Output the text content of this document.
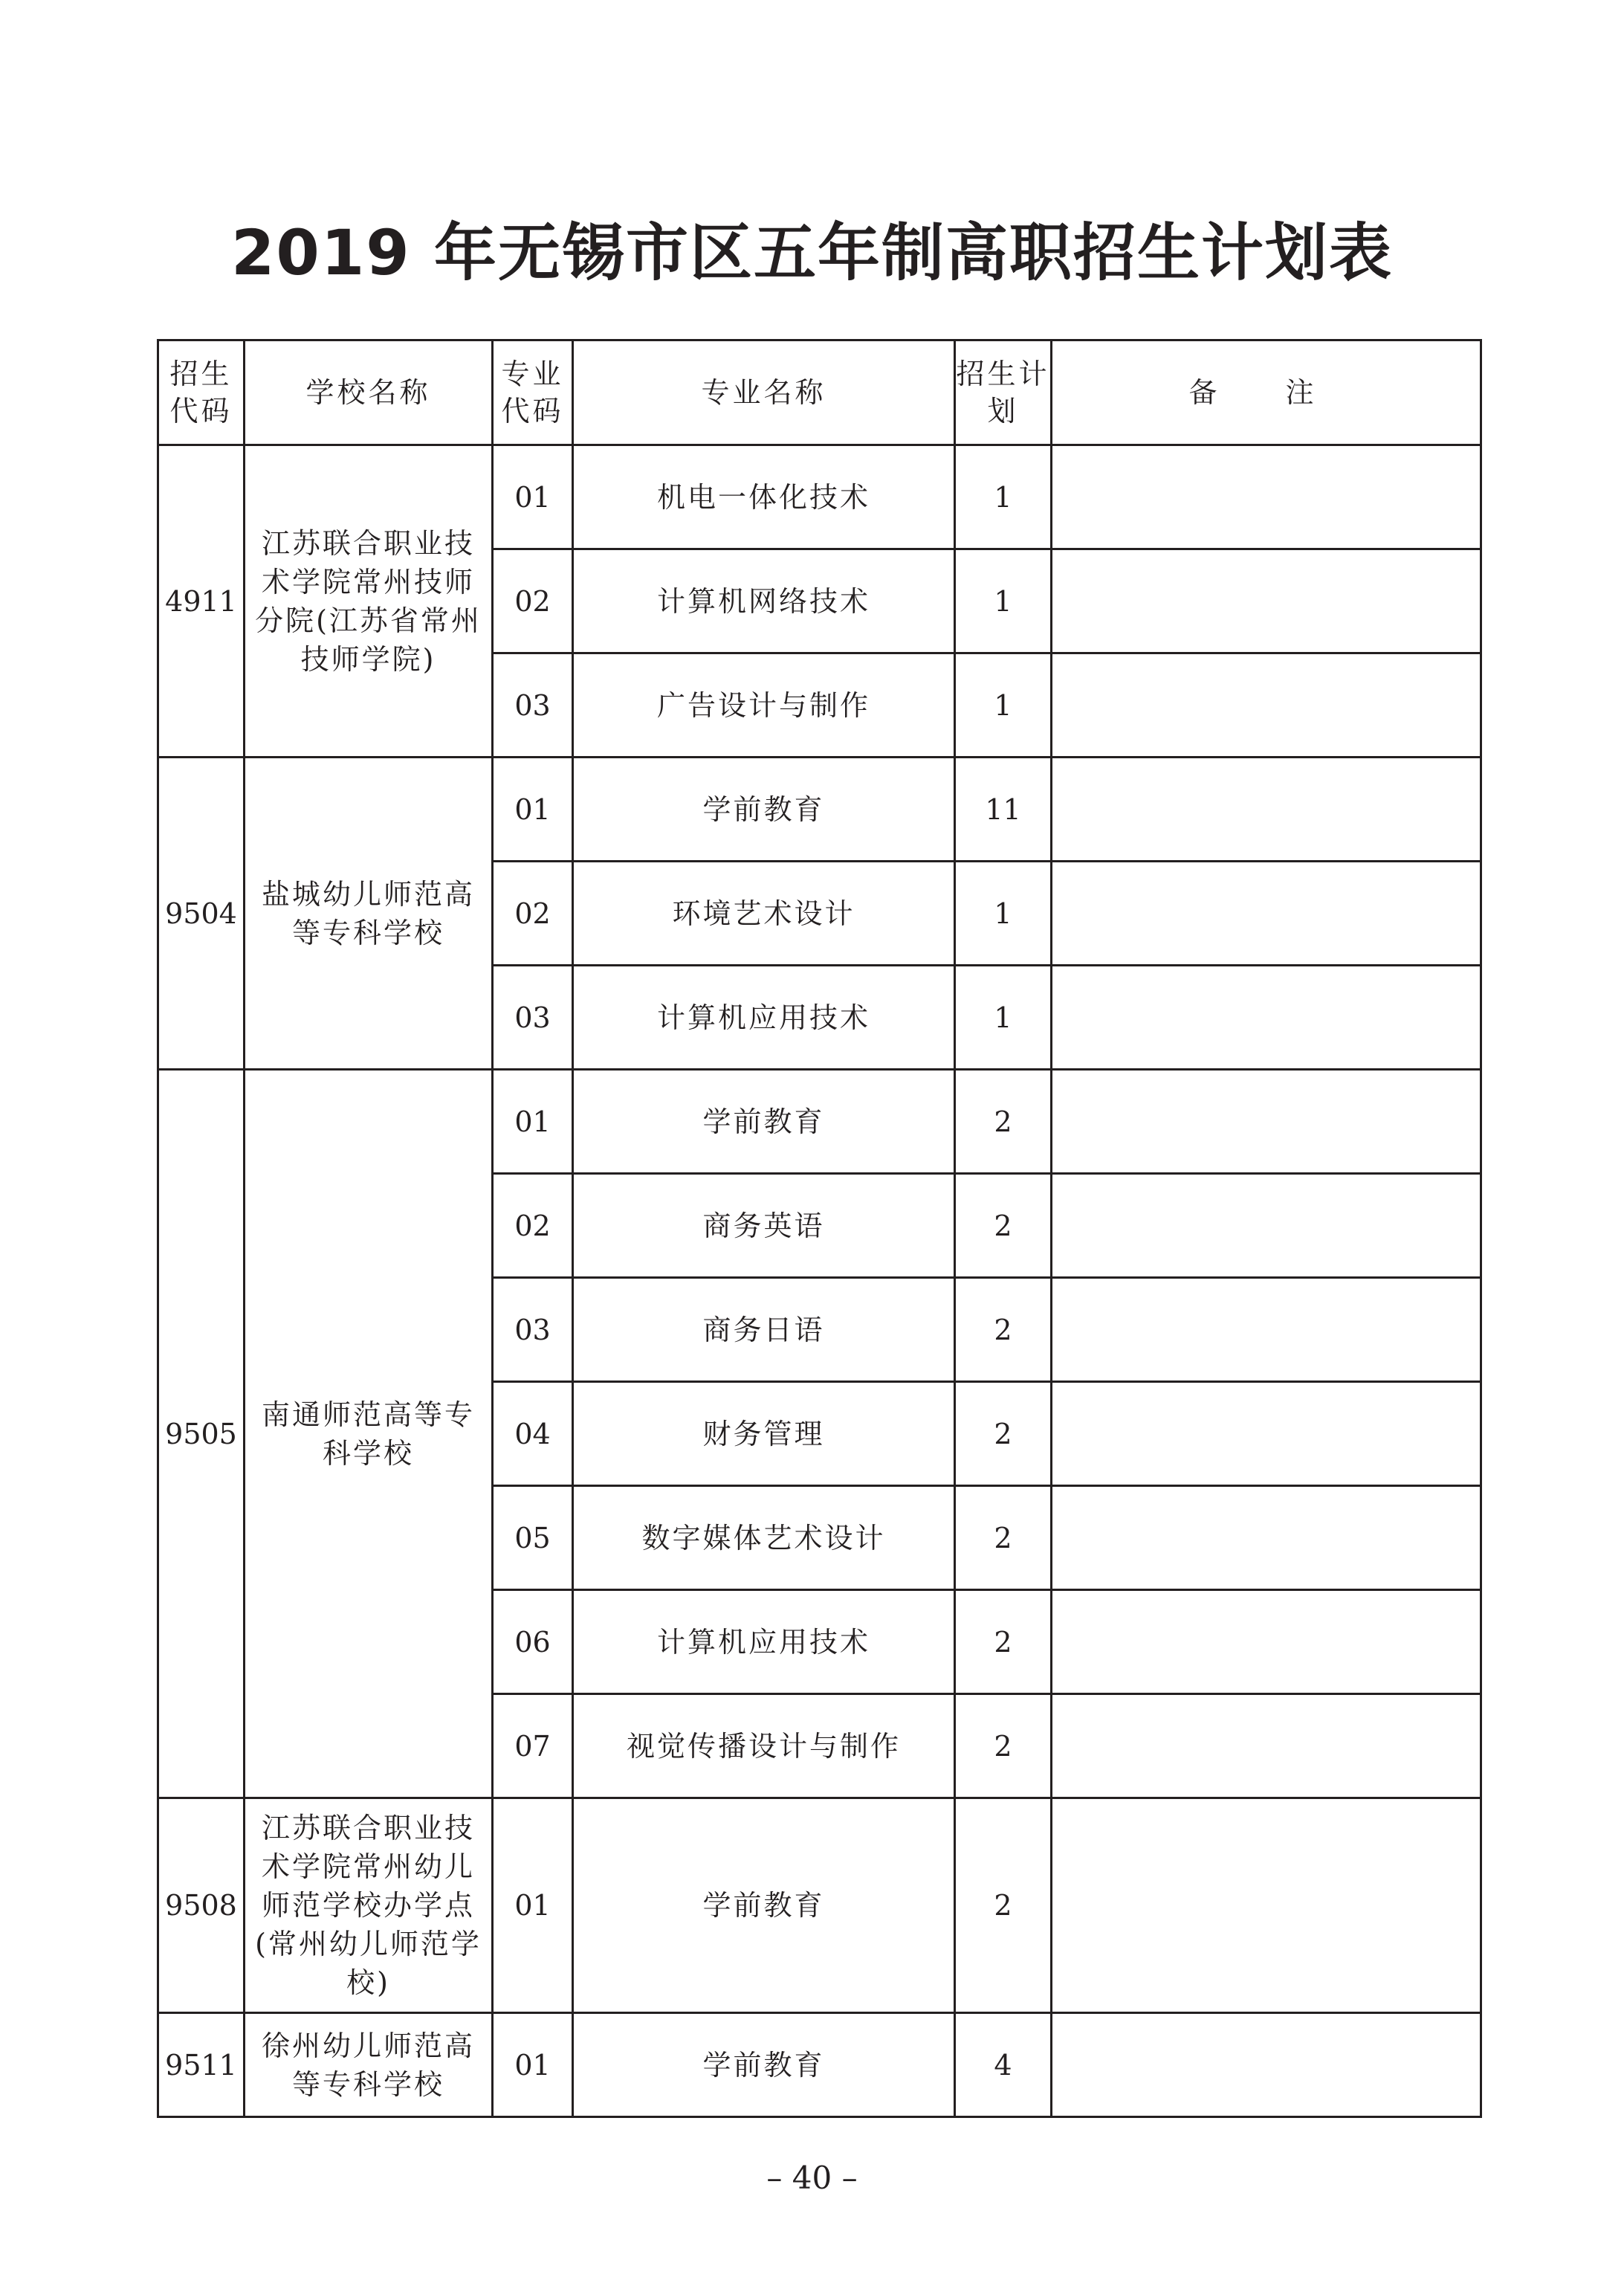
2019 年无锡市区五年制高职招生计划表
招生代码	学校名称	专业代码	专业名称	招生计划	备 注
4911	江苏联合职业技术学院常州技师分院(江苏省常州技师学院)	01	机电一体化技术	1	
		02	计算机网络技术	1	
		03	广告设计与制作	1	
9504	盐城幼儿师范高等专科学校	01	学前教育	11	
		02	环境艺术设计	1	
		03	计算机应用技术	1	
9505	南通师范高等专科学校	01	学前教育	2	
		02	商务英语	2	
		03	商务日语	2	
		04	财务管理	2	
		05	数字媒体艺术设计	2	
		06	计算机应用技术	2	
		07	视觉传播设计与制作	2	
9508	江苏联合职业技术学院常州幼儿师范学校办学点(常州幼儿师范学校)	01	学前教育	2	
9511	徐州幼儿师范高等专科学校	01	学前教育	4	
– 40 –
